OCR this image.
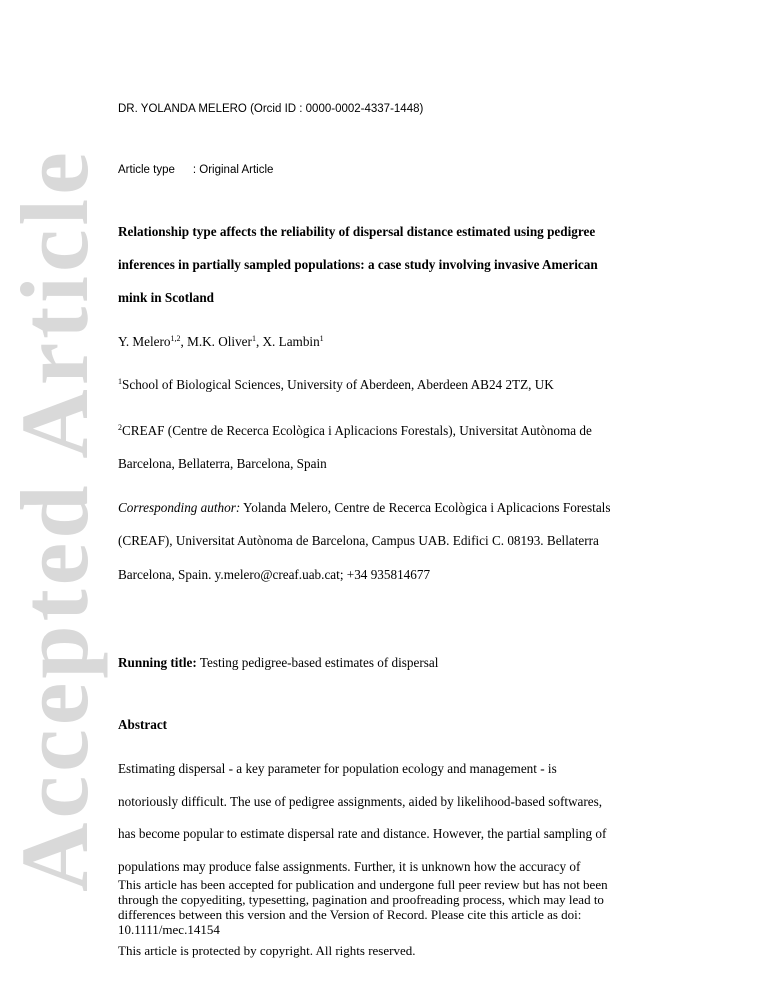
Accepted Article
DR. YOLANDA MELERO (Orcid ID : 0000-0002-4337-1448)
Article type : Original Article
Relationship type affects the reliability of dispersal distance estimated using pedigree
inferences in partially sampled populations: a case study involving invasive American
mink in Scotland
Y. Melero$^{1,2}$, M.K. Oliver$^1$, X. Lambin$^1$
$^1$School of Biological Sciences, University of Aberdeen, Aberdeen AB24 2TZ, UK
$^2$CREAF (Centre de Recerca Ecològica i Aplicacions Forestals), Universitat Autònoma de
Barcelona, Bellaterra, Barcelona, Spain
Corresponding author: Yolanda Melero, Centre de Recerca Ecològica i Aplicacions Forestals
(CREAF), Universitat Autònoma de Barcelona, Campus UAB. Edifici C. 08193. Bellaterra
Barcelona, Spain. y.melero@creaf.uab.cat; +34 935814677
Running title: Testing pedigree-based estimates of dispersal
Abstract
Estimating dispersal - a key parameter for population ecology and management - is
notoriously difficult. The use of pedigree assignments, aided by likelihood-based softwares,
has become popular to estimate dispersal rate and distance. However, the partial sampling of
populations may produce false assignments. Further, it is unknown how the accuracy of
This article has been accepted for publication and undergone full peer review but has not been
through the copyediting, typesetting, pagination and proofreading process, which may lead to
differences between this version and the Version of Record. Please cite this article as doi:
10.1111/mec.14154
This article is protected by copyright. All rights reserved.
